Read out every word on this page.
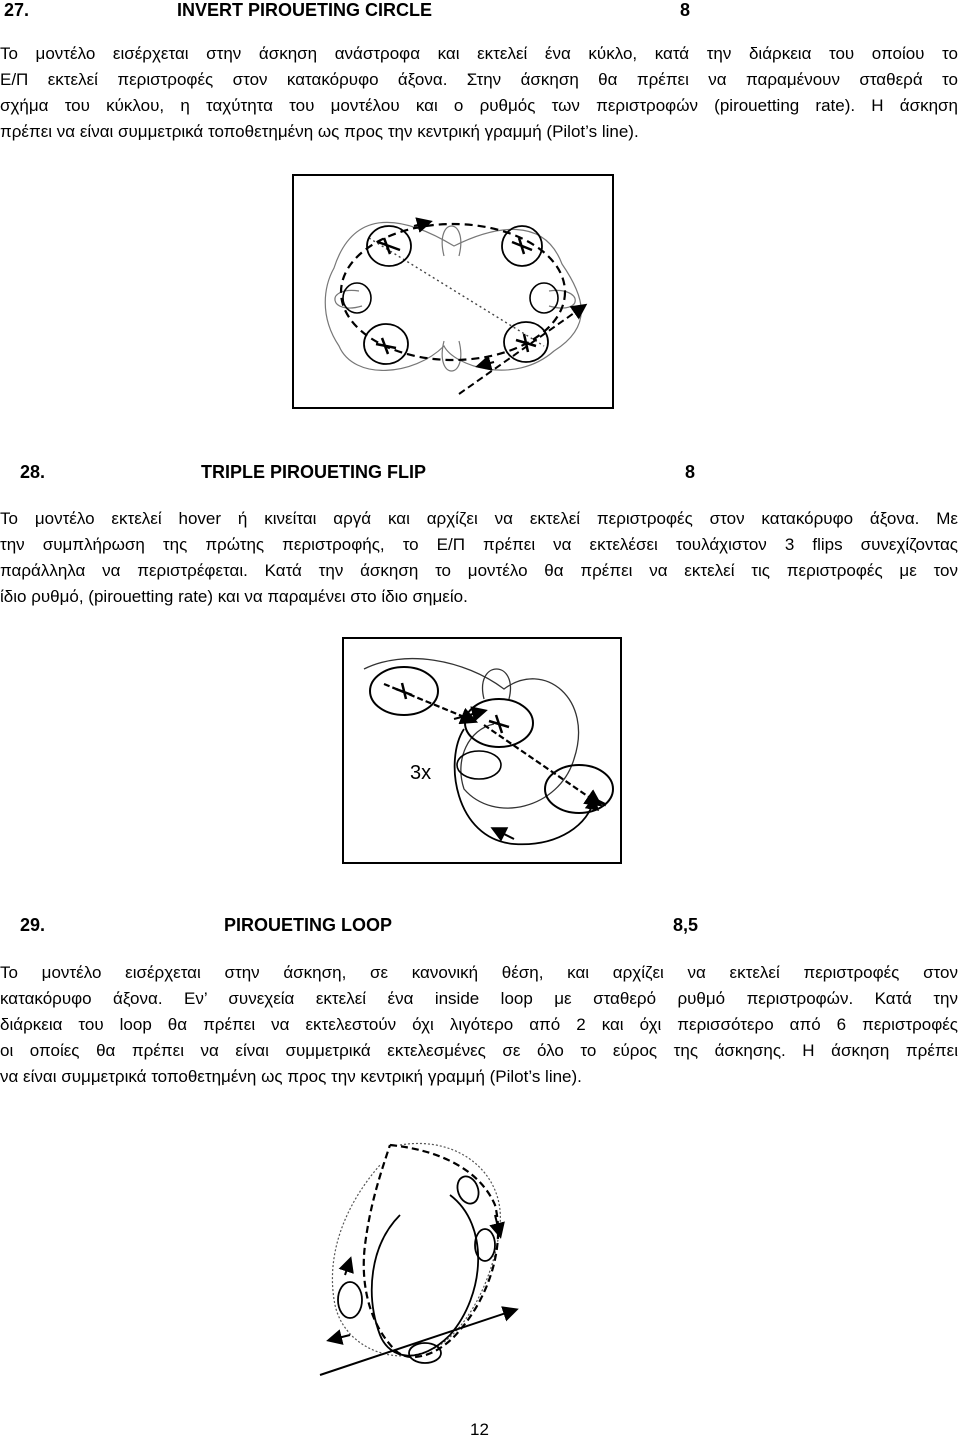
27.	INVERT PIROUETING CIRCLE	8
Το μοντέλο εισέρχεται στην άσκηση ανάστροφα και εκτελεί ένα κύκλο, κατά την διάρκεια του οποίου το
Ε/Π εκτελεί περιστροφές στον κατακόρυφο άξονα. Στην άσκηση θα πρέπει να παραμένουν σταθερά το
σχήμα του κύκλου, η ταχύτητα του μοντέλου και ο ρυθμός των περιστροφών (pirouetting rate). Η άσκηση
πρέπει να είναι συμμετρικά τοποθετημένη ως προς την κεντρική γραμμή (Pilot’s line).
28.	TRIPLE PIROUETING FLIP	8
Το μοντέλο εκτελεί hover ή κινείται αργά και αρχίζει να εκτελεί περιστροφές στον κατακόρυφο άξονα. Με
την συμπλήρωση της πρώτης περιστροφής, το Ε/Π πρέπει να εκτελέσει τουλάχιστον 3 flips συνεχίζοντας
παράλληλα να περιστρέφεται. Κατά την άσκηση το μοντέλο θα πρέπει να εκτελεί τις περιστροφές με τον
ίδιο ρυθμό, (pirouetting rate) και να παραμένει στο ίδιο σημείο.
3x
29.	PIROUETING LOOP	8,5
Το μοντέλο εισέρχεται στην άσκηση, σε κανονική θέση, και αρχίζει να εκτελεί περιστροφές στον
κατακόρυφο άξονα. Εν’ συνεχεία εκτελεί ένα inside loop με σταθερό ρυθμό περιστροφών. Κατά την
διάρκεια του loop θα πρέπει να εκτελεστούν όχι λιγότερο από 2 και όχι περισσότερο από 6 περιστροφές
οι οποίες θα πρέπει να είναι συμμετρικά εκτελεσμένες σε όλο το εύρος της άσκησης. Η άσκηση πρέπει
να είναι συμμετρικά τοποθετημένη ως προς την κεντρική γραμμή (Pilot’s line).
12
